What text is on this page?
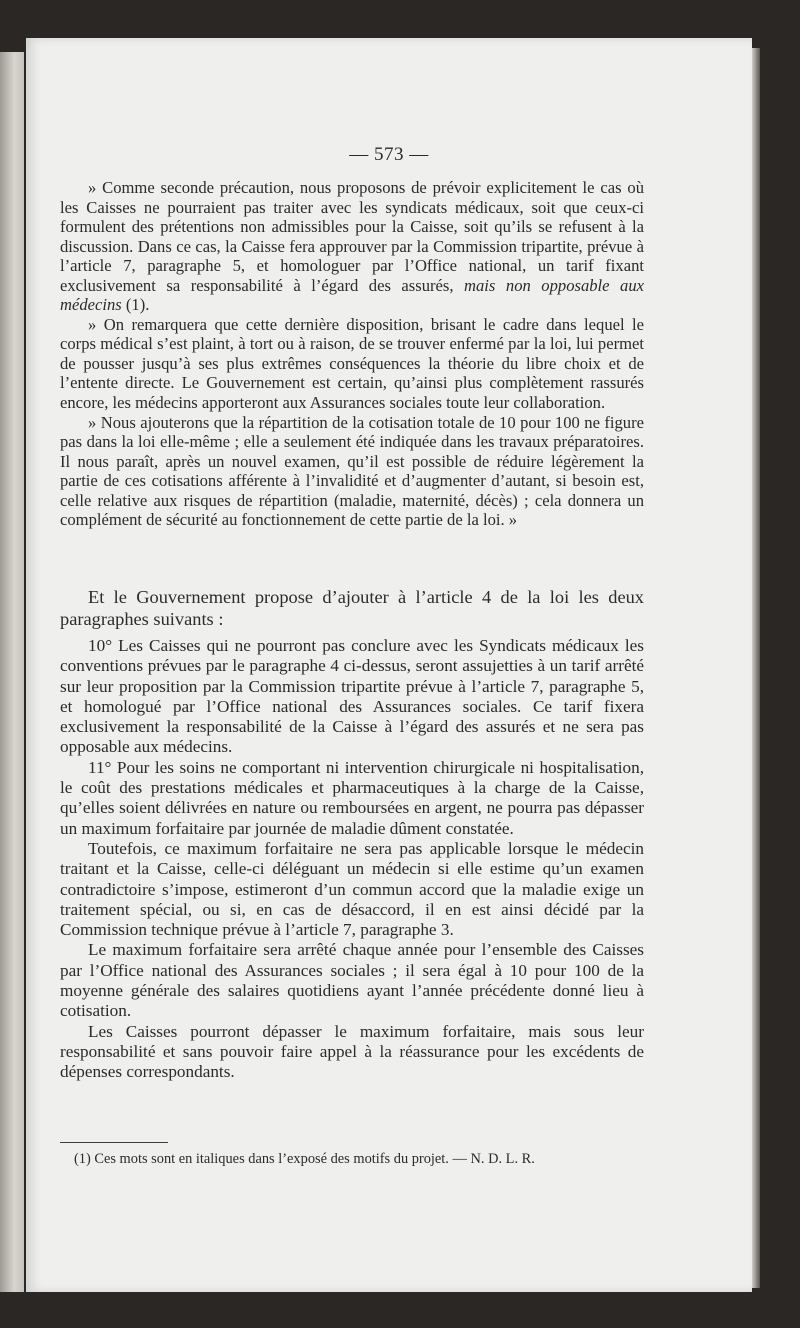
— 573 —

» Comme seconde précaution, nous proposons de prévoir explicitement le cas où les Caisses ne pourraient pas traiter avec les syndicats médicaux, soit que ceux-ci formulent des prétentions non admissibles pour la Caisse, soit qu’ils se refusent à la discussion. Dans ce cas, la Caisse fera approuver par la Commission tripartite, prévue à l’article 7, paragraphe 5, et homologuer par l’Office national, un tarif fixant exclusivement sa responsabilité à l’égard des assurés, mais non opposable aux médecins (1).

» On remarquera que cette dernière disposition, brisant le cadre dans lequel le corps médical s’est plaint, à tort ou à raison, de se trouver enfermé par la loi, lui permet de pousser jusqu’à ses plus extrêmes conséquences la théorie du libre choix et de l’entente directe. Le Gouvernement est certain, qu’ainsi plus complètement rassurés encore, les médecins apporteront aux Assurances sociales toute leur collaboration.

» Nous ajouterons que la répartition de la cotisation totale de 10 pour 100 ne figure pas dans la loi elle-même ; elle a seulement été indiquée dans les travaux préparatoires. Il nous paraît, après un nouvel examen, qu’il est possible de réduire légèrement la partie de ces cotisations afférente à l’invalidité et d’augmenter d’autant, si besoin est, celle relative aux risques de répartition (maladie, maternité, décès) ; cela donnera un complément de sécurité au fonctionnement de cette partie de la loi. »

Et le Gouvernement propose d’ajouter à l’article 4 de la loi les deux paragraphes suivants :

10° Les Caisses qui ne pourront pas conclure avec les Syndicats médicaux les conventions prévues par le paragraphe 4 ci-dessus, seront assujetties à un tarif arrêté sur leur proposition par la Commission tripartite prévue à l’article 7, paragraphe 5, et homologué par l’Office national des Assurances sociales. Ce tarif fixera exclusivement la responsabilité de la Caisse à l’égard des assurés et ne sera pas opposable aux médecins.

11° Pour les soins ne comportant ni intervention chirurgicale ni hospitalisation, le coût des prestations médicales et pharmaceutiques à la charge de la Caisse, qu’elles soient délivrées en nature ou remboursées en argent, ne pourra pas dépasser un maximum forfaitaire par journée de maladie dûment constatée.

Toutefois, ce maximum forfaitaire ne sera pas applicable lorsque le médecin traitant et la Caisse, celle-ci déléguant un médecin si elle estime qu’un examen contradictoire s’impose, estimeront d’un commun accord que la maladie exige un traitement spécial, ou si, en cas de désaccord, il en est ainsi décidé par la Commission technique prévue à l’article 7, paragraphe 3.

Le maximum forfaitaire sera arrêté chaque année pour l’ensemble des Caisses par l’Office national des Assurances sociales ; il sera égal à 10 pour 100 de la moyenne générale des salaires quotidiens ayant l’année précédente donné lieu à cotisation.

Les Caisses pourront dépasser le maximum forfaitaire, mais sous leur responsabilité et sans pouvoir faire appel à la réassurance pour les excédents de dépenses correspondants.

(1) Ces mots sont en italiques dans l’exposé des motifs du projet. — N. D. L. R.
